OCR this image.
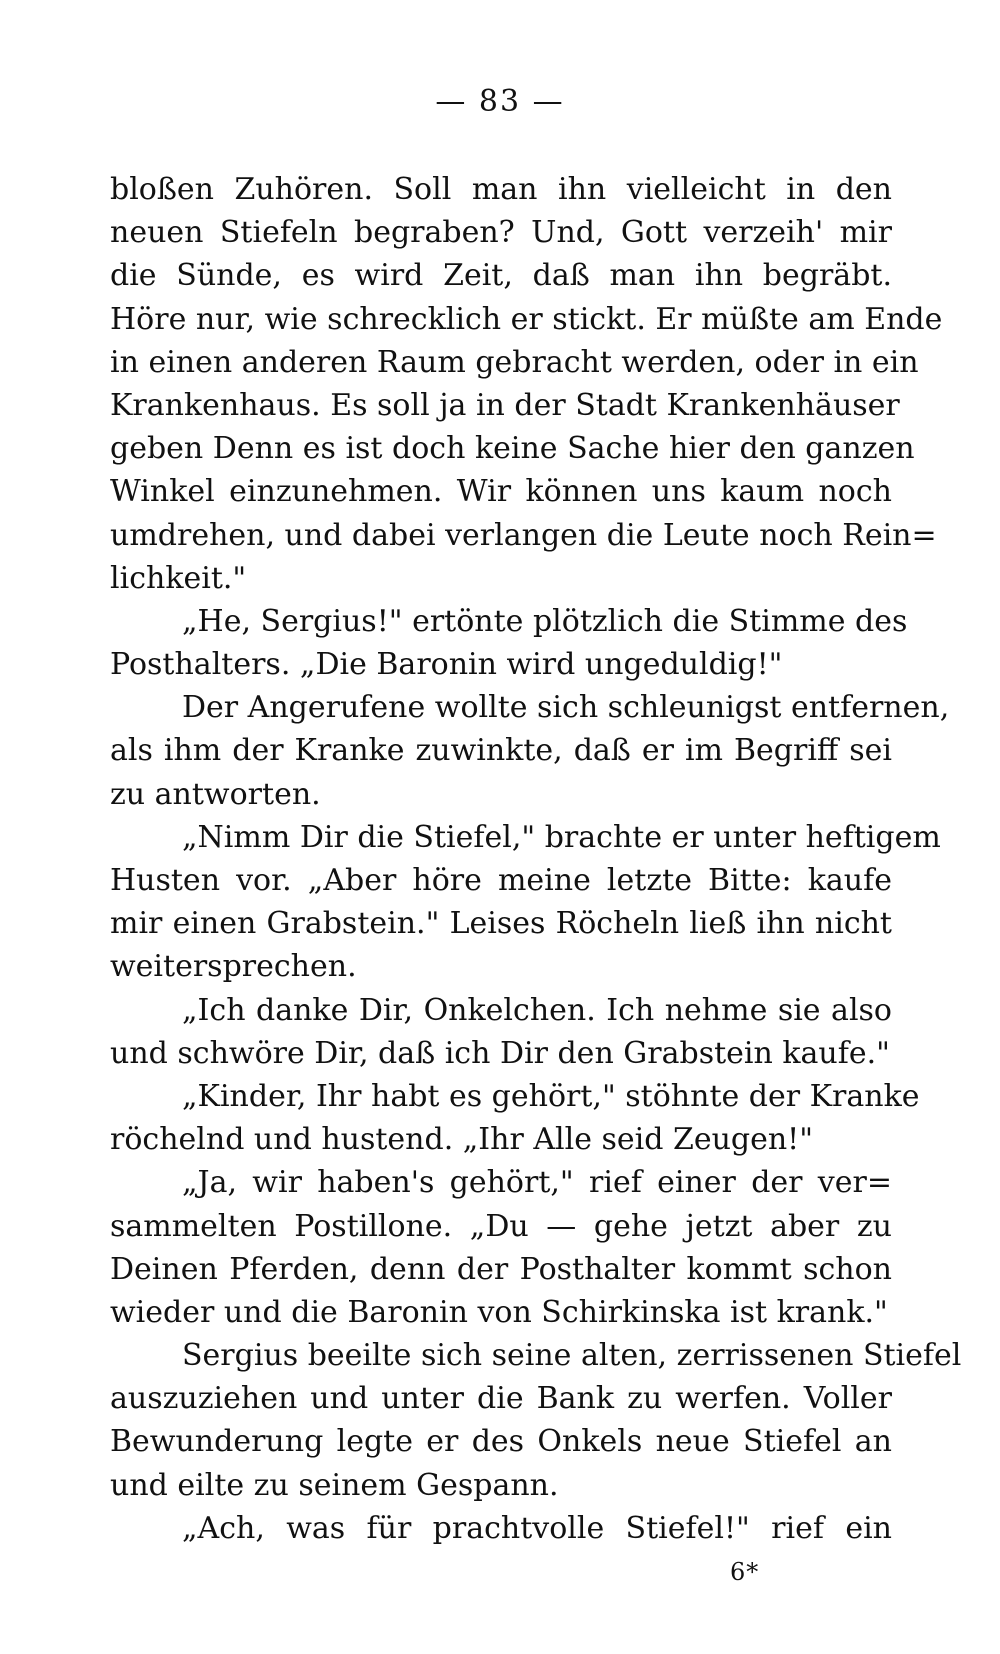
— 83 —
bloßen Zuhören. Soll man ihn vielleicht in den
neuen Stiefeln begraben? Und, Gott verzeih' mir
die Sünde, es wird Zeit, daß man ihn begräbt.
Höre nur, wie schrecklich er stickt. Er müßte am Ende
in einen anderen Raum gebracht werden, oder in ein
Krankenhaus. Es soll ja in der Stadt Krankenhäuser
geben Denn es ist doch keine Sache hier den ganzen
Winkel einzunehmen. Wir können uns kaum noch
umdrehen, und dabei verlangen die Leute noch Rein=
lichkeit."
„He, Sergius!" ertönte plötzlich die Stimme des
Posthalters. „Die Baronin wird ungeduldig!"
Der Angerufene wollte sich schleunigst entfernen,
als ihm der Kranke zuwinkte, daß er im Begriff sei
zu antworten.
„Nimm Dir die Stiefel," brachte er unter heftigem
Husten vor. „Aber höre meine letzte Bitte: kaufe
mir einen Grabstein." Leises Röcheln ließ ihn nicht
weitersprechen.
„Ich danke Dir, Onkelchen. Ich nehme sie also
und schwöre Dir, daß ich Dir den Grabstein kaufe."
„Kinder, Ihr habt es gehört," stöhnte der Kranke
röchelnd und hustend. „Ihr Alle seid Zeugen!"
„Ja, wir haben's gehört," rief einer der ver=
sammelten Postillone. „Du — gehe jetzt aber zu
Deinen Pferden, denn der Posthalter kommt schon
wieder und die Baronin von Schirkinska ist krank."
Sergius beeilte sich seine alten, zerrissenen Stiefel
auszuziehen und unter die Bank zu werfen. Voller
Bewunderung legte er des Onkels neue Stiefel an
und eilte zu seinem Gespann.
„Ach, was für prachtvolle Stiefel!" rief ein
6*
